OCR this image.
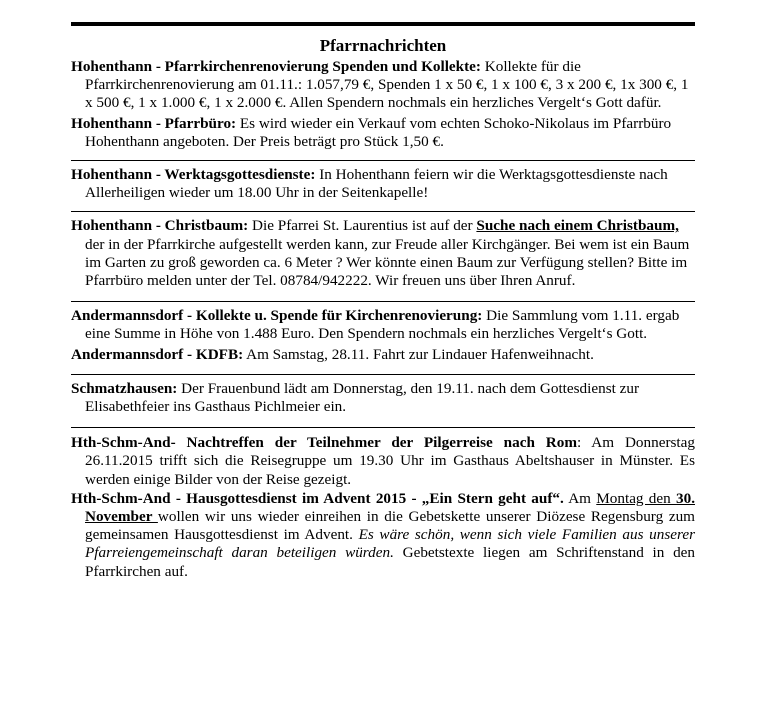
Pfarrnachrichten

Hohenthann - Pfarrkirchenrenovierung Spenden und Kollekte: Kollekte für die Pfarrkirchenrenovierung am 01.11.: 1.057,79 €, Spenden 1 x 50 €, 1 x 100 €, 3 x 200 €, 1x 300 €, 1 x 500 €, 1 x 1.000 €, 1 x 2.000 €. Allen Spendern nochmals ein herzliches Vergelt‘s Gott dafür.

Hohenthann - Pfarrbüro: Es wird wieder ein Verkauf vom echten Schoko-Nikolaus im Pfarrbüro Hohenthann angeboten. Der Preis beträgt pro Stück 1,50 €.

Hohenthann - Werktagsgottesdienste: In Hohenthann feiern wir die Werktagsgottesdienste nach Allerheiligen wieder um 18.00 Uhr in der Seitenkapelle!

Hohenthann - Christbaum: Die Pfarrei St. Laurentius ist auf der Suche nach einem Christbaum, der in der Pfarrkirche aufgestellt werden kann, zur Freude aller Kirchgänger. Bei wem ist ein Baum im Garten zu groß geworden ca. 6 Meter ? Wer könnte einen Baum zur Verfügung stellen? Bitte im Pfarrbüro melden unter der Tel. 08784/942222. Wir freuen uns über Ihren Anruf.

Andermannsdorf - Kollekte u. Spende für Kirchenrenovierung: Die Sammlung vom 1.11. ergab eine Summe in Höhe von 1.488 Euro. Den Spendern nochmals ein herzliches Vergelt‘s Gott.

Andermannsdorf - KDFB: Am Samstag, 28.11. Fahrt zur Lindauer Hafenweihnacht.

Schmatzhausen: Der Frauenbund lädt am Donnerstag, den 19.11. nach dem Gottesdienst zur Elisabethfeier ins Gasthaus Pichlmeier ein.

Hth-Schm-And- Nachtreffen der Teilnehmer der Pilgerreise nach Rom: Am Donnerstag 26.11.2015 trifft sich die Reisegruppe um 19.30 Uhr im Gasthaus Abeltshauser in Münster. Es werden einige Bilder von der Reise gezeigt.

Hth-Schm-And - Hausgottesdienst im Advent 2015 - „Ein Stern geht auf“. Am Montag den 30. November wollen wir uns wieder einreihen in die Gebetskette unserer Diözese Regensburg zum gemeinsamen Hausgottesdienst im Advent. Es wäre schön, wenn sich viele Familien aus unserer Pfarreiengemeinschaft daran beteiligen würden. Gebetstexte liegen am Schriftenstand in den Pfarrkirchen auf.
